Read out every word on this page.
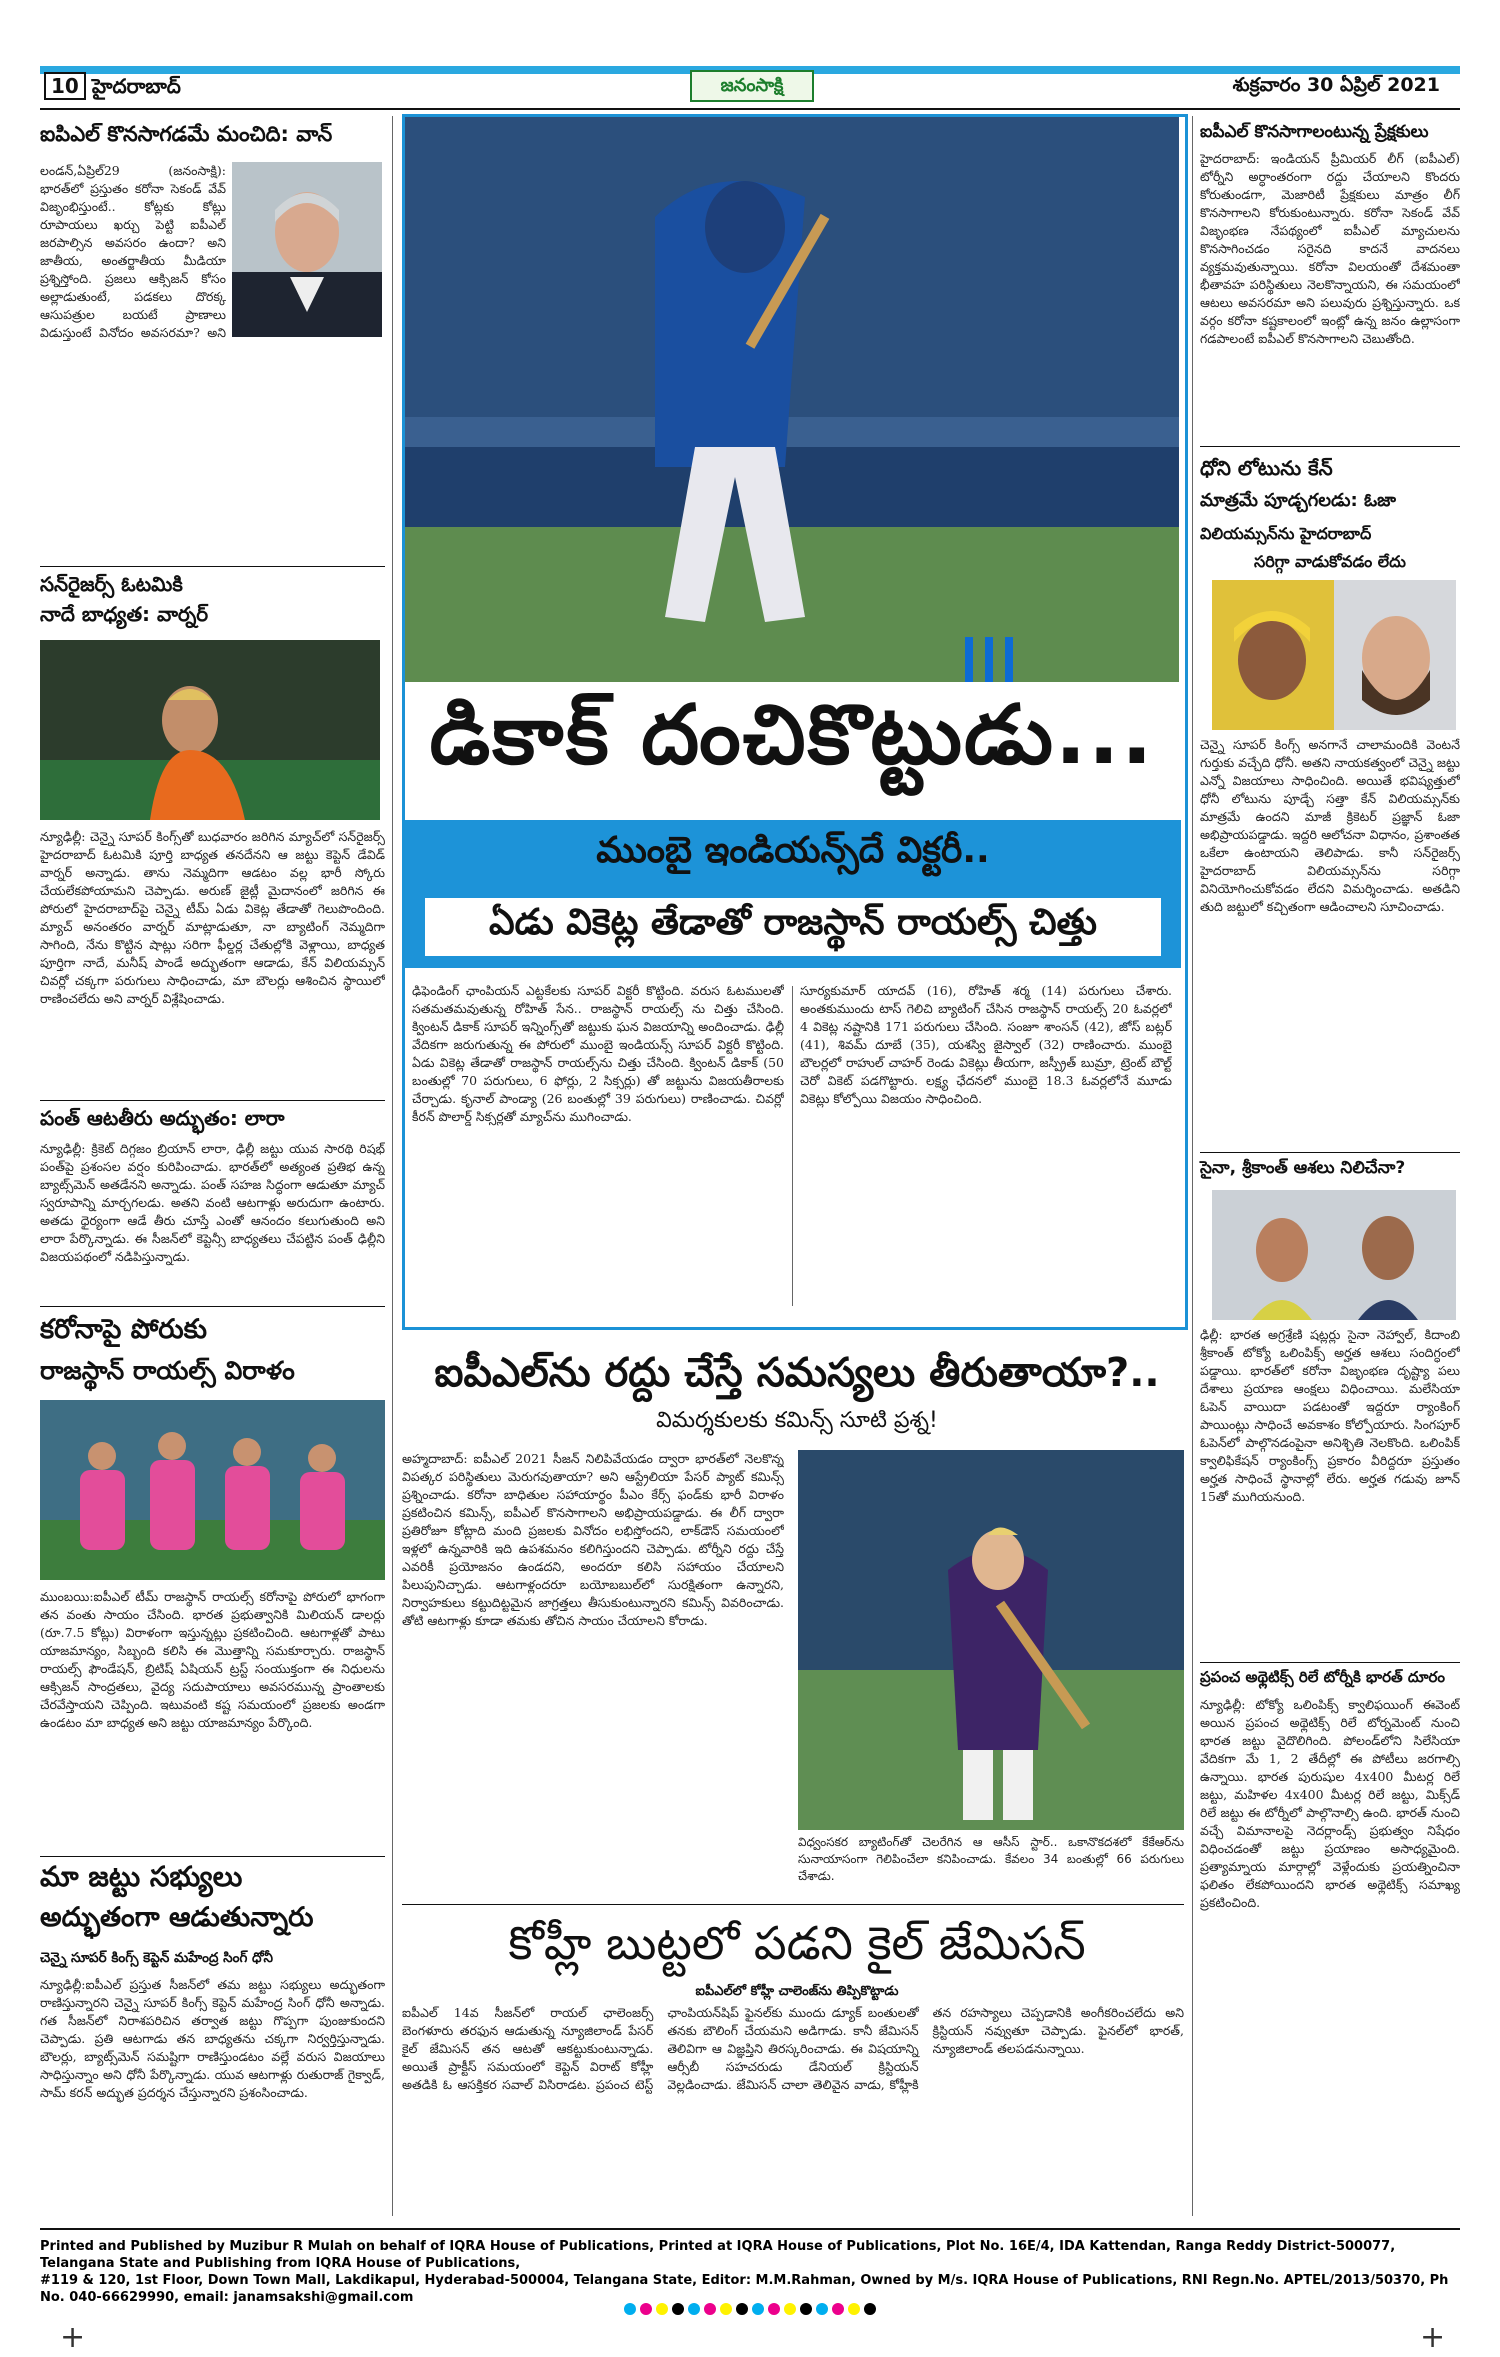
10 హైదరాబాద్	జనంసాక్షి	శుక్రవారం 30 ఏప్రిల్ 2021
ఐపిఎల్ కొనసాగడమే మంచిది: వాన్
లండన్,ఏప్రిల్29 (జనంసాక్షి): భారత్‌లో ప్రస్తుతం కరోనా సెకండ్ వేవ్ విజృంభిస్తుంటే.. కోట్లకు కోట్లు రూపాయలు ఖర్చు పెట్టి ఐపీఎల్ జరపాల్సిన అవసరం ఉందా? అని జాతీయ, అంతర్జాతీయ మీడియా ప్రశ్నిస్తోంది. ప్రజలు ఆక్సిజన్ కోసం అల్లాడుతుంటే, పడకలు దొరక్క ఆసుపత్రుల బయటే ప్రాణాలు విడుస్తుంటే వినోదం అవసరమా? అని
సన్‌రైజర్స్ ఓటమికి
నాదే బాధ్యత: వార్నర్
న్యూఢిల్లీ: చెన్నై సూపర్ కింగ్స్‌తో బుధవారం జరిగిన మ్యాచ్‌లో సన్‌రైజర్స్ హైదరాబాద్ ఓటమికి పూర్తి బాధ్యత తనదేనని ఆ జట్టు కెప్టెన్ డేవిడ్ వార్నర్ అన్నాడు. తాను నెమ్మదిగా ఆడటం వల్ల భారీ స్కోరు చేయలేకపోయామని చెప్పాడు. అరుణ్ జైట్లీ మైదానంలో జరిగిన ఈ పోరులో హైదరాబాద్‌పై చెన్నై టీమ్ ఏడు వికెట్ల తేడాతో గెలుపొందింది. మ్యాచ్ అనంతరం వార్నర్ మాట్లాడుతూ, నా బ్యాటింగ్ నెమ్మదిగా సాగింది, నేను కొట్టిన షాట్లు సరిగా ఫీల్డర్ల చేతుల్లోకి వెళ్లాయి, బాధ్యత పూర్తిగా నాదే, మనీష్ పాండే అద్భుతంగా ఆడాడు, కేన్ విలియమ్సన్ చివర్లో చక్కగా పరుగులు సాధించాడు, మా బౌలర్లు ఆశించిన స్థాయిలో రాణించలేదు అని వార్నర్ విశ్లేషించాడు.
పంత్ ఆటతీరు అద్భుతం: లారా
న్యూఢిల్లీ: క్రికెట్ దిగ్గజం బ్రియాన్ లారా, ఢిల్లీ జట్టు యువ సారథి రిషభ్ పంత్‌పై ప్రశంసల వర్షం కురిపించాడు. భారత్‌లో అత్యంత ప్రతిభ ఉన్న బ్యాట్స్‌మెన్ అతడేనని అన్నాడు. పంత్ సహజ సిద్ధంగా ఆడుతూ మ్యాచ్ స్వరూపాన్ని మార్చగలడు. అతని వంటి ఆటగాళ్లు అరుదుగా ఉంటారు. అతడు ధైర్యంగా ఆడే తీరు చూస్తే ఎంతో ఆనందం కలుగుతుంది అని లారా పేర్కొన్నాడు. ఈ సీజన్‌లో కెప్టెన్సీ బాధ్యతలు చేపట్టిన పంత్ ఢిల్లీని విజయపథంలో నడిపిస్తున్నాడు.
కరోనాపై పోరుకు
రాజస్థాన్ రాయల్స్ విరాళం
ముంబయి:ఐపీఎల్ టీమ్ రాజస్థాన్ రాయల్స్ కరోనాపై పోరులో భాగంగా తన వంతు సాయం చేసింది. భారత ప్రభుత్వానికి మిలియన్ డాలర్లు (రూ.7.5 కోట్లు) విరాళంగా ఇస్తున్నట్లు ప్రకటించింది. ఆటగాళ్లతో పాటు యాజమాన్యం, సిబ్బంది కలిసి ఈ మొత్తాన్ని సమకూర్చారు. రాజస్థాన్ రాయల్స్ ఫౌండేషన్, బ్రిటిష్ ఏషియన్ ట్రస్ట్ సంయుక్తంగా ఈ నిధులను ఆక్సిజన్ సాంద్రతలు, వైద్య సదుపాయాలు అవసరమున్న ప్రాంతాలకు చేరవేస్తాయని చెప్పింది. ఇటువంటి కష్ట సమయంలో ప్రజలకు అండగా ఉండటం మా బాధ్యత అని జట్టు యాజమాన్యం పేర్కొంది.
మా జట్టు సభ్యులు
అద్భుతంగా ఆడుతున్నారు
చెన్నై సూపర్ కింగ్స్ కెప్టెన్ మహేంద్ర సింగ్ ధోనీ
న్యూఢిల్లీ:ఐపీఎల్ ప్రస్తుత సీజన్‌లో తమ జట్టు సభ్యులు అద్భుతంగా రాణిస్తున్నారని చెన్నై సూపర్ కింగ్స్ కెప్టెన్ మహేంద్ర సింగ్ ధోనీ అన్నాడు. గత సీజన్‌లో నిరాశపరిచిన తర్వాత జట్టు గొప్పగా పుంజుకుందని చెప్పాడు. ప్రతి ఆటగాడు తన బాధ్యతను చక్కగా నిర్వర్తిస్తున్నాడు. బౌలర్లు, బ్యాట్స్‌మెన్ సమష్టిగా రాణిస్తుండటం వల్లే వరుస విజయాలు సాధిస్తున్నాం అని ధోనీ పేర్కొన్నాడు. యువ ఆటగాళ్లు రుతురాజ్ గైక్వాడ్, సామ్ కరన్ అద్భుత ప్రదర్శన చేస్తున్నారని ప్రశంసించాడు.
డికాక్ దంచికొట్టుడు...
ముంబై ఇండియన్స్‌దే విక్టరీ..
ఏడు వికెట్ల తేడాతో రాజస్థాన్ రాయల్స్ చిత్తు
ఢిఫెండింగ్ ఛాంపియన్ ఎట్టకేలకు సూపర్ విక్టరీ కొట్టింది. వరుస ఓటములతో సతమతమవుతున్న రోహిత్ సేన.. రాజస్థాన్ రాయల్స్ ను చిత్తు చేసింది. క్వింటన్ డికాక్ సూపర్ ఇన్నింగ్స్‌తో జట్టుకు ఘన విజయాన్ని అందించాడు. ఢిల్లీ వేదికగా జరుగుతున్న ఈ పోరులో ముంబై ఇండియన్స్ సూపర్ విక్టరీ కొట్టింది. ఏడు వికెట్ల తేడాతో రాజస్థాన్ రాయల్స్‌ను చిత్తు చేసింది. క్వింటన్ డికాక్ (50 బంతుల్లో 70 పరుగులు, 6 ఫోర్లు, 2 సిక్సర్లు) తో జట్టును విజయతీరాలకు చేర్చాడు. కృనాల్ పాండ్యా (26 బంతుల్లో 39 పరుగులు) రాణించాడు. చివర్లో కీరన్ పొలార్డ్ సిక్సర్లతో మ్యాచ్‌ను ముగించాడు.
సూర్యకుమార్ యాదవ్ (16), రోహిత్ శర్మ (14) పరుగులు చేశారు. అంతకుముందు టాస్ గెలిచి బ్యాటింగ్ చేసిన రాజస్థాన్ రాయల్స్ 20 ఓవర్లలో 4 వికెట్ల నష్టానికి 171 పరుగులు చేసింది. సంజూ శాంసన్ (42), జోస్ బట్లర్ (41), శివమ్ దూబే (35), యశస్వి జైస్వాల్ (32) రాణించారు. ముంబై బౌలర్లలో రాహుల్ చాహర్ రెండు వికెట్లు తీయగా, జస్ప్రీత్ బుమ్రా, ట్రెంట్ బౌల్ట్ చెరో వికెట్ పడగొట్టారు. లక్ష్య ఛేదనలో ముంబై 18.3 ఓవర్లలోనే మూడు వికెట్లు కోల్పోయి విజయం సాధించింది.
ఐపీఎల్‌ను రద్దు చేస్తే సమస్యలు తీరుతాయా?..
విమర్శకులకు కమిన్స్ సూటి ప్రశ్న!
అహ్మదాబాద్: ఐపీఎల్ 2021 సీజన్ నిలిపివేయడం ద్వారా భారత్‌లో నెలకొన్న విపత్కర పరిస్థితులు మెరుగవుతాయా? అని ఆస్ట్రేలియా పేసర్ ప్యాట్ కమిన్స్ ప్రశ్నించాడు. కరోనా బాధితుల సహాయార్థం పీఎం కేర్స్ ఫండ్‌కు భారీ విరాళం ప్రకటించిన కమిన్స్, ఐపీఎల్ కొనసాగాలని అభిప్రాయపడ్డాడు. ఈ లీగ్ ద్వారా ప్రతిరోజూ కోట్లాది మంది ప్రజలకు వినోదం లభిస్తోందని, లాక్‌డౌన్ సమయంలో ఇళ్లలో ఉన్నవారికి ఇది ఉపశమనం కలిగిస్తుందని చెప్పాడు. టోర్నీని రద్దు చేస్తే ఎవరికీ ప్రయోజనం ఉండదని, అందరూ కలిసి సహాయం చేయాలని పిలుపునిచ్చాడు. ఆటగాళ్లందరూ బయోబబుల్‌లో సురక్షితంగా ఉన్నారని, నిర్వాహకులు కట్టుదిట్టమైన జాగ్రత్తలు తీసుకుంటున్నారని కమిన్స్ వివరించాడు. తోటి ఆటగాళ్లు కూడా తమకు తోచిన సాయం చేయాలని కోరాడు.
విధ్వంసకర బ్యాటింగ్‌తో చెలరేగిన ఆ ఆసీస్ స్టార్.. ఒకానొకదశలో కేకేఆర్‌ను సునాయాసంగా గెలిపించేలా కనిపించాడు. కేవలం 34 బంతుల్లో 66 పరుగులు చేశాడు.
కోహ్లీ బుట్టలో పడని కైల్ జేమిసన్
ఐపీఎల్‌లో కోహ్లీ చాలెంజ్‌ను తిప్పికొట్టాడు
ఐపీఎల్ 14వ సీజన్‌లో రాయల్ ఛాలెంజర్స్ బెంగళూరు తరఫున ఆడుతున్న న్యూజిలాండ్ పేసర్ కైల్ జేమిసన్ తన ఆటతో ఆకట్టుకుంటున్నాడు. అయితే ప్రాక్టీస్ సమయంలో కెప్టెన్ విరాట్ కోహ్లీ అతడికి ఓ ఆసక్తికర సవాల్ విసిరాడట. ప్రపంచ టెస్ట్ ఛాంపియన్‌షిప్ ఫైనల్‌కు ముందు డ్యూక్ బంతులతో తనకు బౌలింగ్ చేయమని అడిగాడు. కానీ జేమిసన్ తెలివిగా ఆ విజ్ఞప్తిని తిరస్కరించాడు. ఈ విషయాన్ని ఆర్సీబీ సహచరుడు డేనియల్ క్రిస్టియన్ వెల్లడించాడు. జేమిసన్ చాలా తెలివైన వాడు, కోహ్లీకి తన రహస్యాలు చెప్పడానికి అంగీకరించలేదు అని క్రిస్టియన్ నవ్వుతూ చెప్పాడు. ఫైనల్‌లో భారత్, న్యూజిలాండ్ తలపడనున్నాయి.
ఐపీఎల్ కొనసాగాలంటున్న ప్రేక్షకులు
హైదరాబాద్: ఇండియన్ ప్రీమియర్ లీగ్ (ఐపీఎల్) టోర్నీని అర్ధాంతరంగా రద్దు చేయాలని కొందరు కోరుతుండగా, మెజారిటీ ప్రేక్షకులు మాత్రం లీగ్ కొనసాగాలని కోరుకుంటున్నారు. కరోనా సెకండ్ వేవ్ విజృంభణ నేపథ్యంలో ఐపీఎల్ మ్యాచులను కొనసాగించడం సరైనది కాదనే వాదనలు వ్యక్తమవుతున్నాయి. కరోనా విలయంతో దేశమంతా భీతావహ పరిస్థితులు నెలకొన్నాయని, ఈ సమయంలో ఆటలు అవసరమా అని పలువురు ప్రశ్నిస్తున్నారు. ఒక వర్గం కరోనా కష్టకాలంలో ఇంట్లో ఉన్న జనం ఉల్లాసంగా గడపాలంటే ఐపీఎల్ కొనసాగాలని చెబుతోంది.
ధోని లోటును కేన్
మాత్రమే పూడ్చగలడు: ఓజా
విలియమ్సన్‌ను హైదరాబాద్
సరిగ్గా వాడుకోవడం లేదు
చెన్నై సూపర్ కింగ్స్ అనగానే చాలామందికి వెంటనే గుర్తుకు వచ్చేది ధోనీ. అతని నాయకత్వంలో చెన్నై జట్టు ఎన్నో విజయాలు సాధించింది. అయితే భవిష్యత్తులో ధోనీ లోటును పూడ్చే సత్తా కేన్ విలియమ్సన్‌కు మాత్రమే ఉందని మాజీ క్రికెటర్ ప్రజ్ఞాన్ ఓజా అభిప్రాయపడ్డాడు. ఇద్దరి ఆలోచనా విధానం, ప్రశాంతత ఒకేలా ఉంటాయని తెలిపాడు. కానీ సన్‌రైజర్స్ హైదరాబాద్ విలియమ్సన్‌ను సరిగ్గా వినియోగించుకోవడం లేదని విమర్శించాడు. అతడిని తుది జట్టులో కచ్చితంగా ఆడించాలని సూచించాడు.
సైనా, శ్రీకాంత్ ఆశలు నిలిచేనా?
ఢిల్లీ: భారత అగ్రశ్రేణి షట్లర్లు సైనా నెహ్వాల్, కిదాంబి శ్రీకాంత్ టోక్యో ఒలింపిక్స్ అర్హత ఆశలు సందిగ్ధంలో పడ్డాయి. భారత్‌లో కరోనా విజృంభణ దృష్ట్యా పలు దేశాలు ప్రయాణ ఆంక్షలు విధించాయి. మలేసియా ఓపెన్ వాయిదా పడటంతో ఇద్దరూ ర్యాంకింగ్ పాయింట్లు సాధించే అవకాశం కోల్పోయారు. సింగపూర్ ఓపెన్‌లో పాల్గొనడంపైనా అనిశ్చితి నెలకొంది. ఒలింపిక్ క్వాలిఫికేషన్ ర్యాంకింగ్స్ ప్రకారం వీరిద్దరూ ప్రస్తుతం అర్హత సాధించే స్థానాల్లో లేరు. అర్హత గడువు జూన్ 15తో ముగియనుంది.
ప్రపంచ అథ్లెటిక్స్ రిలే టోర్నీకి భారత్ దూరం
న్యూఢిల్లీ: టోక్యో ఒలింపిక్స్ క్వాలిఫయింగ్ ఈవెంట్ అయిన ప్రపంచ అథ్లెటిక్స్ రిలే టోర్నమెంట్ నుంచి భారత జట్టు వైదొలిగింది. పోలండ్‌లోని సిలేసియా వేదికగా మే 1, 2 తేదీల్లో ఈ పోటీలు జరగాల్సి ఉన్నాయి. భారత పురుషుల 4x400 మీటర్ల రిలే జట్టు, మహిళల 4x400 మీటర్ల రిలే జట్టు, మిక్స్‌డ్ రిలే జట్టు ఈ టోర్నీలో పాల్గొనాల్సి ఉంది. భారత్ నుంచి వచ్చే విమానాలపై నెదర్లాండ్స్ ప్రభుత్వం నిషేధం విధించడంతో జట్టు ప్రయాణం అసాధ్యమైంది. ప్రత్యామ్నాయ మార్గాల్లో వెళ్లేందుకు ప్రయత్నించినా ఫలితం లేకపోయిందని భారత అథ్లెటిక్స్ సమాఖ్య ప్రకటించింది.
Printed and Published by Muzibur R Mulah on behalf of IQRA House of Publications, Printed at IQRA House of Publications, Plot No. 16E/4, IDA Kattendan, Ranga Reddy District-500077, Telangana State and Publishing from IQRA House of Publications,
#119 & 120, 1st Floor, Down Town Mall, Lakdikapul, Hyderabad-500004, Telangana State, Editor: M.M.Rahman, Owned by M/s. IQRA House of Publications, RNI Regn.No. APTEL/2013/50370, Ph No. 040-66629990, email: janamsakshi@gmail.com
+	+
